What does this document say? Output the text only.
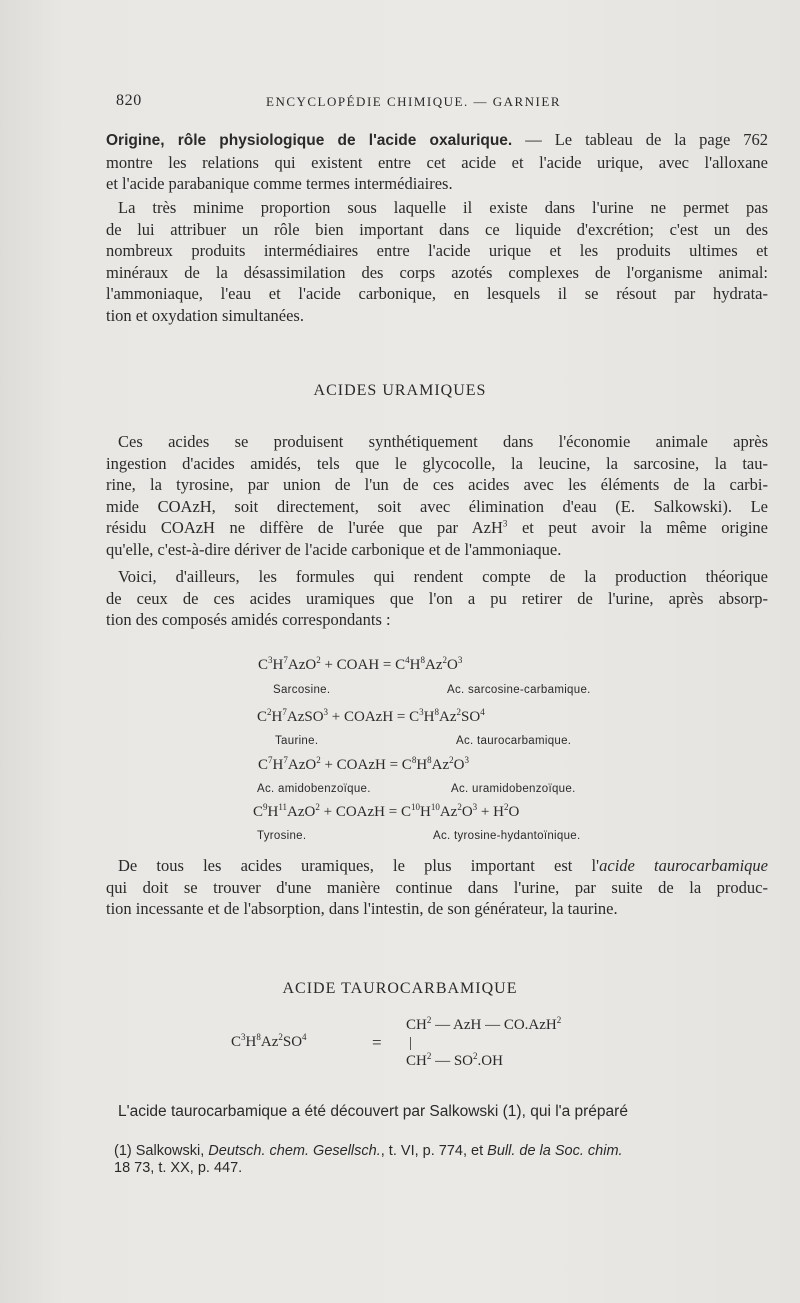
820	ENCYCLOPÉDIE CHIMIQUE. — GARNIER
Origine, rôle physiologique de l'acide oxalurique. — Le tableau de la page 762
montre les relations qui existent entre cet acide et l'acide urique, avec l'alloxane
et l'acide parabanique comme termes intermédiaires.
La très minime proportion sous laquelle il existe dans l'urine ne permet pas
de lui attribuer un rôle bien important dans ce liquide d'excrétion; c'est un des
nombreux produits intermédiaires entre l'acide urique et les produits ultimes et
minéraux de la désassimilation des corps azotés complexes de l'organisme animal:
l'ammoniaque, l'eau et l'acide carbonique, en lesquels il se résout par hydrata-
tion et oxydation simultanées.
ACIDES URAMIQUES
Ces acides se produisent synthétiquement dans l'économie animale après
ingestion d'acides amidés, tels que le glycocolle, la leucine, la sarcosine, la tau-
rine, la tyrosine, par union de l'un de ces acides avec les éléments de la carbi-
mide COAzH, soit directement, soit avec élimination d'eau (E. Salkowski). Le
résidu COAzH ne diffère de l'urée que par AzH$^3$ et peut avoir la même origine
qu'elle, c'est-à-dire dériver de l'acide carbonique et de l'ammoniaque.
Voici, d'ailleurs, les formules qui rendent compte de la production théorique
de ceux de ces acides uramiques que l'on a pu retirer de l'urine, après absorp-
tion des composés amidés correspondants :
$C^3H^7AzO^2$ + COAH = $C^4H^8Az^2O^3$
Sarcosine.	Ac. sarcosine-carbamique.
$C^2H^7AzSO^3$ + COAzH = $C^3H^8Az^2SO^4$
Taurine.	Ac. taurocarbamique.
$C^7H^7AzO^2$ + COAzH = $C^8H^8Az^2O^3$
Ac. amidobenzoïque.	Ac. uramidobenzoïque.
$C^9H^{11}AzO^2$ + COAzH = $C^{10}H^{10}Az^2O^3 + H^2O$
Tyrosine.	Ac. tyrosine-hydantoïnique.
De tous les acides uramiques, le plus important est l'acide taurocarbamique
qui doit se trouver d'une manière continue dans l'urine, par suite de la produc-
tion incessante et de l'absorption, dans l'intestin, de son générateur, la taurine.
ACIDE TAUROCARBAMIQUE
$C^3H^8Az^2SO^4$	=
$CH^2$ — AzH — CO.AzH$^2$
|
$CH^2$ — $SO^2.OH$
L'acide taurocarbamique a été découvert par Salkowski (1), qui l'a préparé
(1) Salkowski, Deutsch. chem. Gesellsch., t. VI, p. 774, et Bull. de la Soc. chim.
18 73, t. XX, p. 447.
